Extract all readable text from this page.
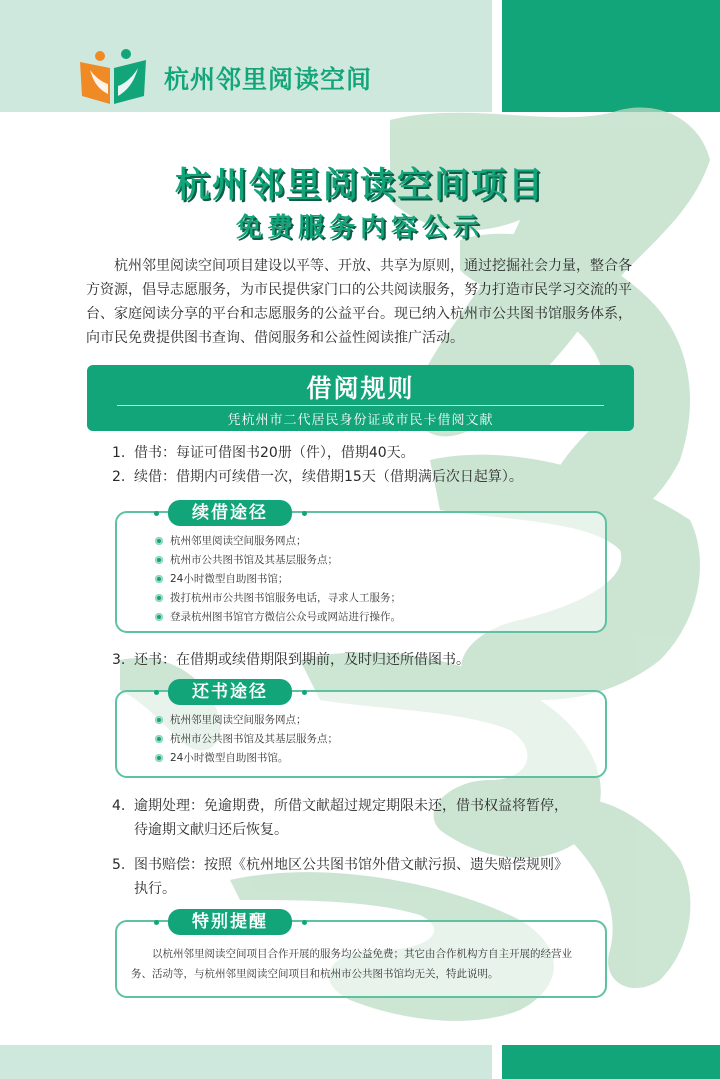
杭州邻里阅读空间
杭州邻里阅读空间项目
免费服务内容公示
杭州邻里阅读空间项目建设以平等、开放、共享为原则，通过挖掘社会力量，整合各方资源，倡导志愿服务，为市民提供家门口的公共阅读服务，努力打造市民学习交流的平台、家庭阅读分享的平台和志愿服务的公益平台。现已纳入杭州市公共图书馆服务体系，向市民免费提供图书查询、借阅服务和公益性阅读推广活动。
借阅规则
凭杭州市二代居民身份证或市民卡借阅文献
1. 借书：每证可借图书20册（件），借期40天。
2. 续借：借期内可续借一次，续借期15天（借期满后次日起算）。
续借途径
杭州邻里阅读空间服务网点；
杭州市公共图书馆及其基层服务点；
24小时微型自助图书馆；
拨打杭州市公共图书馆服务电话，寻求人工服务；
登录杭州图书馆官方微信公众号或网站进行操作。
3. 还书：在借期或续借期限到期前，及时归还所借图书。
还书途径
杭州邻里阅读空间服务网点；
杭州市公共图书馆及其基层服务点；
24小时微型自助图书馆。
4. 逾期处理：免逾期费，所借文献超过规定期限未还，借书权益将暂停，
待逾期文献归还后恢复。
5. 图书赔偿：按照《杭州地区公共图书馆外借文献污损、遗失赔偿规则》
执行。
特别提醒
以杭州邻里阅读空间项目合作开展的服务均公益免费；其它由合作机构方自主开展的经营业务、活动等，与杭州邻里阅读空间项目和杭州市公共图书馆均无关，特此说明。
